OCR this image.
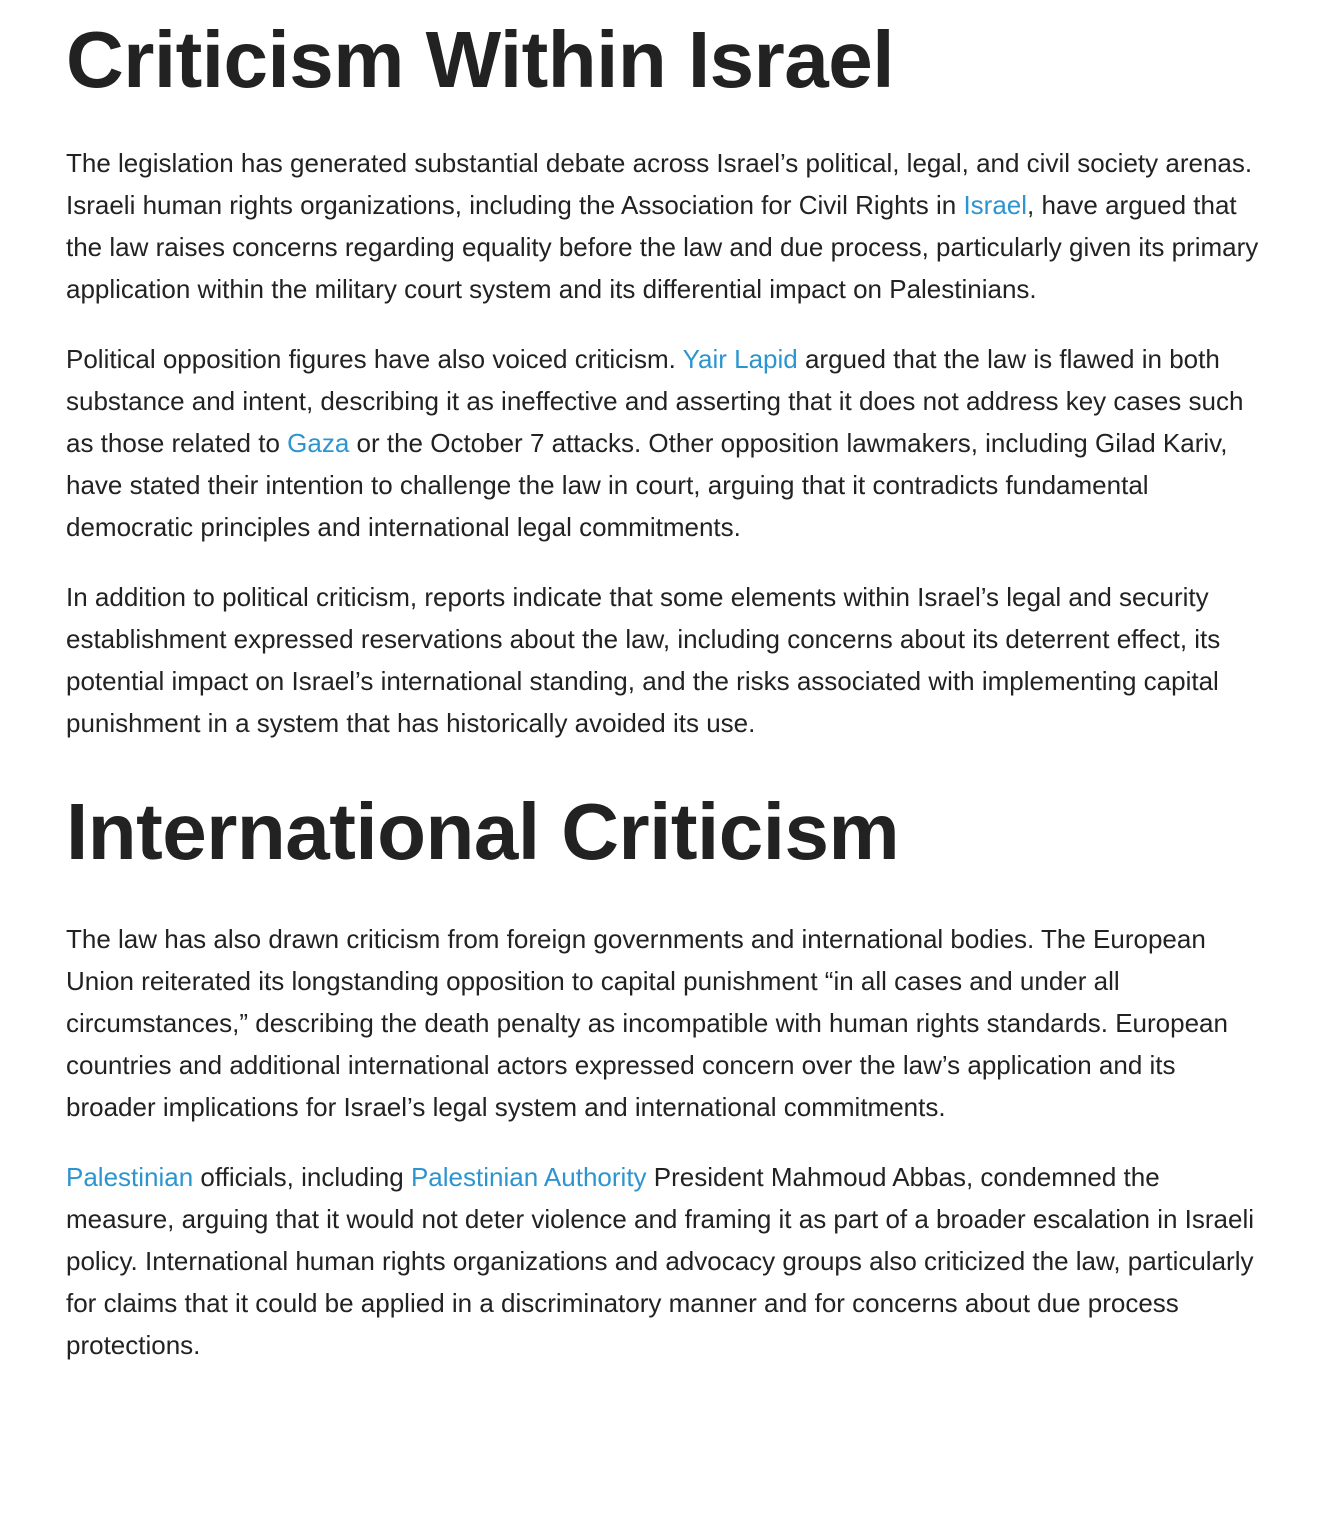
Criticism Within Israel

The legislation has generated substantial debate across Israel’s political, legal, and civil society arenas. Israeli human rights organizations, including the Association for Civil Rights in Israel, have argued that the law raises concerns regarding equality before the law and due process, particularly given its primary application within the military court system and its differential impact on Palestinians.

Political opposition figures have also voiced criticism. Yair Lapid argued that the law is flawed in both substance and intent, describing it as ineffective and asserting that it does not address key cases such as those related to Gaza or the October 7 attacks. Other opposition lawmakers, including Gilad Kariv, have stated their intention to challenge the law in court, arguing that it contradicts fundamental democratic principles and international legal commitments.

In addition to political criticism, reports indicate that some elements within Israel’s legal and security establishment expressed reservations about the law, including concerns about its deterrent effect, its potential impact on Israel’s international standing, and the risks associated with implementing capital punishment in a system that has historically avoided its use.

International Criticism

The law has also drawn criticism from foreign governments and international bodies. The European Union reiterated its longstanding opposition to capital punishment “in all cases and under all circumstances,” describing the death penalty as incompatible with human rights standards. European countries and additional international actors expressed concern over the law’s application and its broader implications for Israel’s legal system and international commitments.

Palestinian officials, including Palestinian Authority President Mahmoud Abbas, condemned the measure, arguing that it would not deter violence and framing it as part of a broader escalation in Israeli policy. International human rights organizations and advocacy groups also criticized the law, particularly for claims that it could be applied in a discriminatory manner and for concerns about due process protections.
